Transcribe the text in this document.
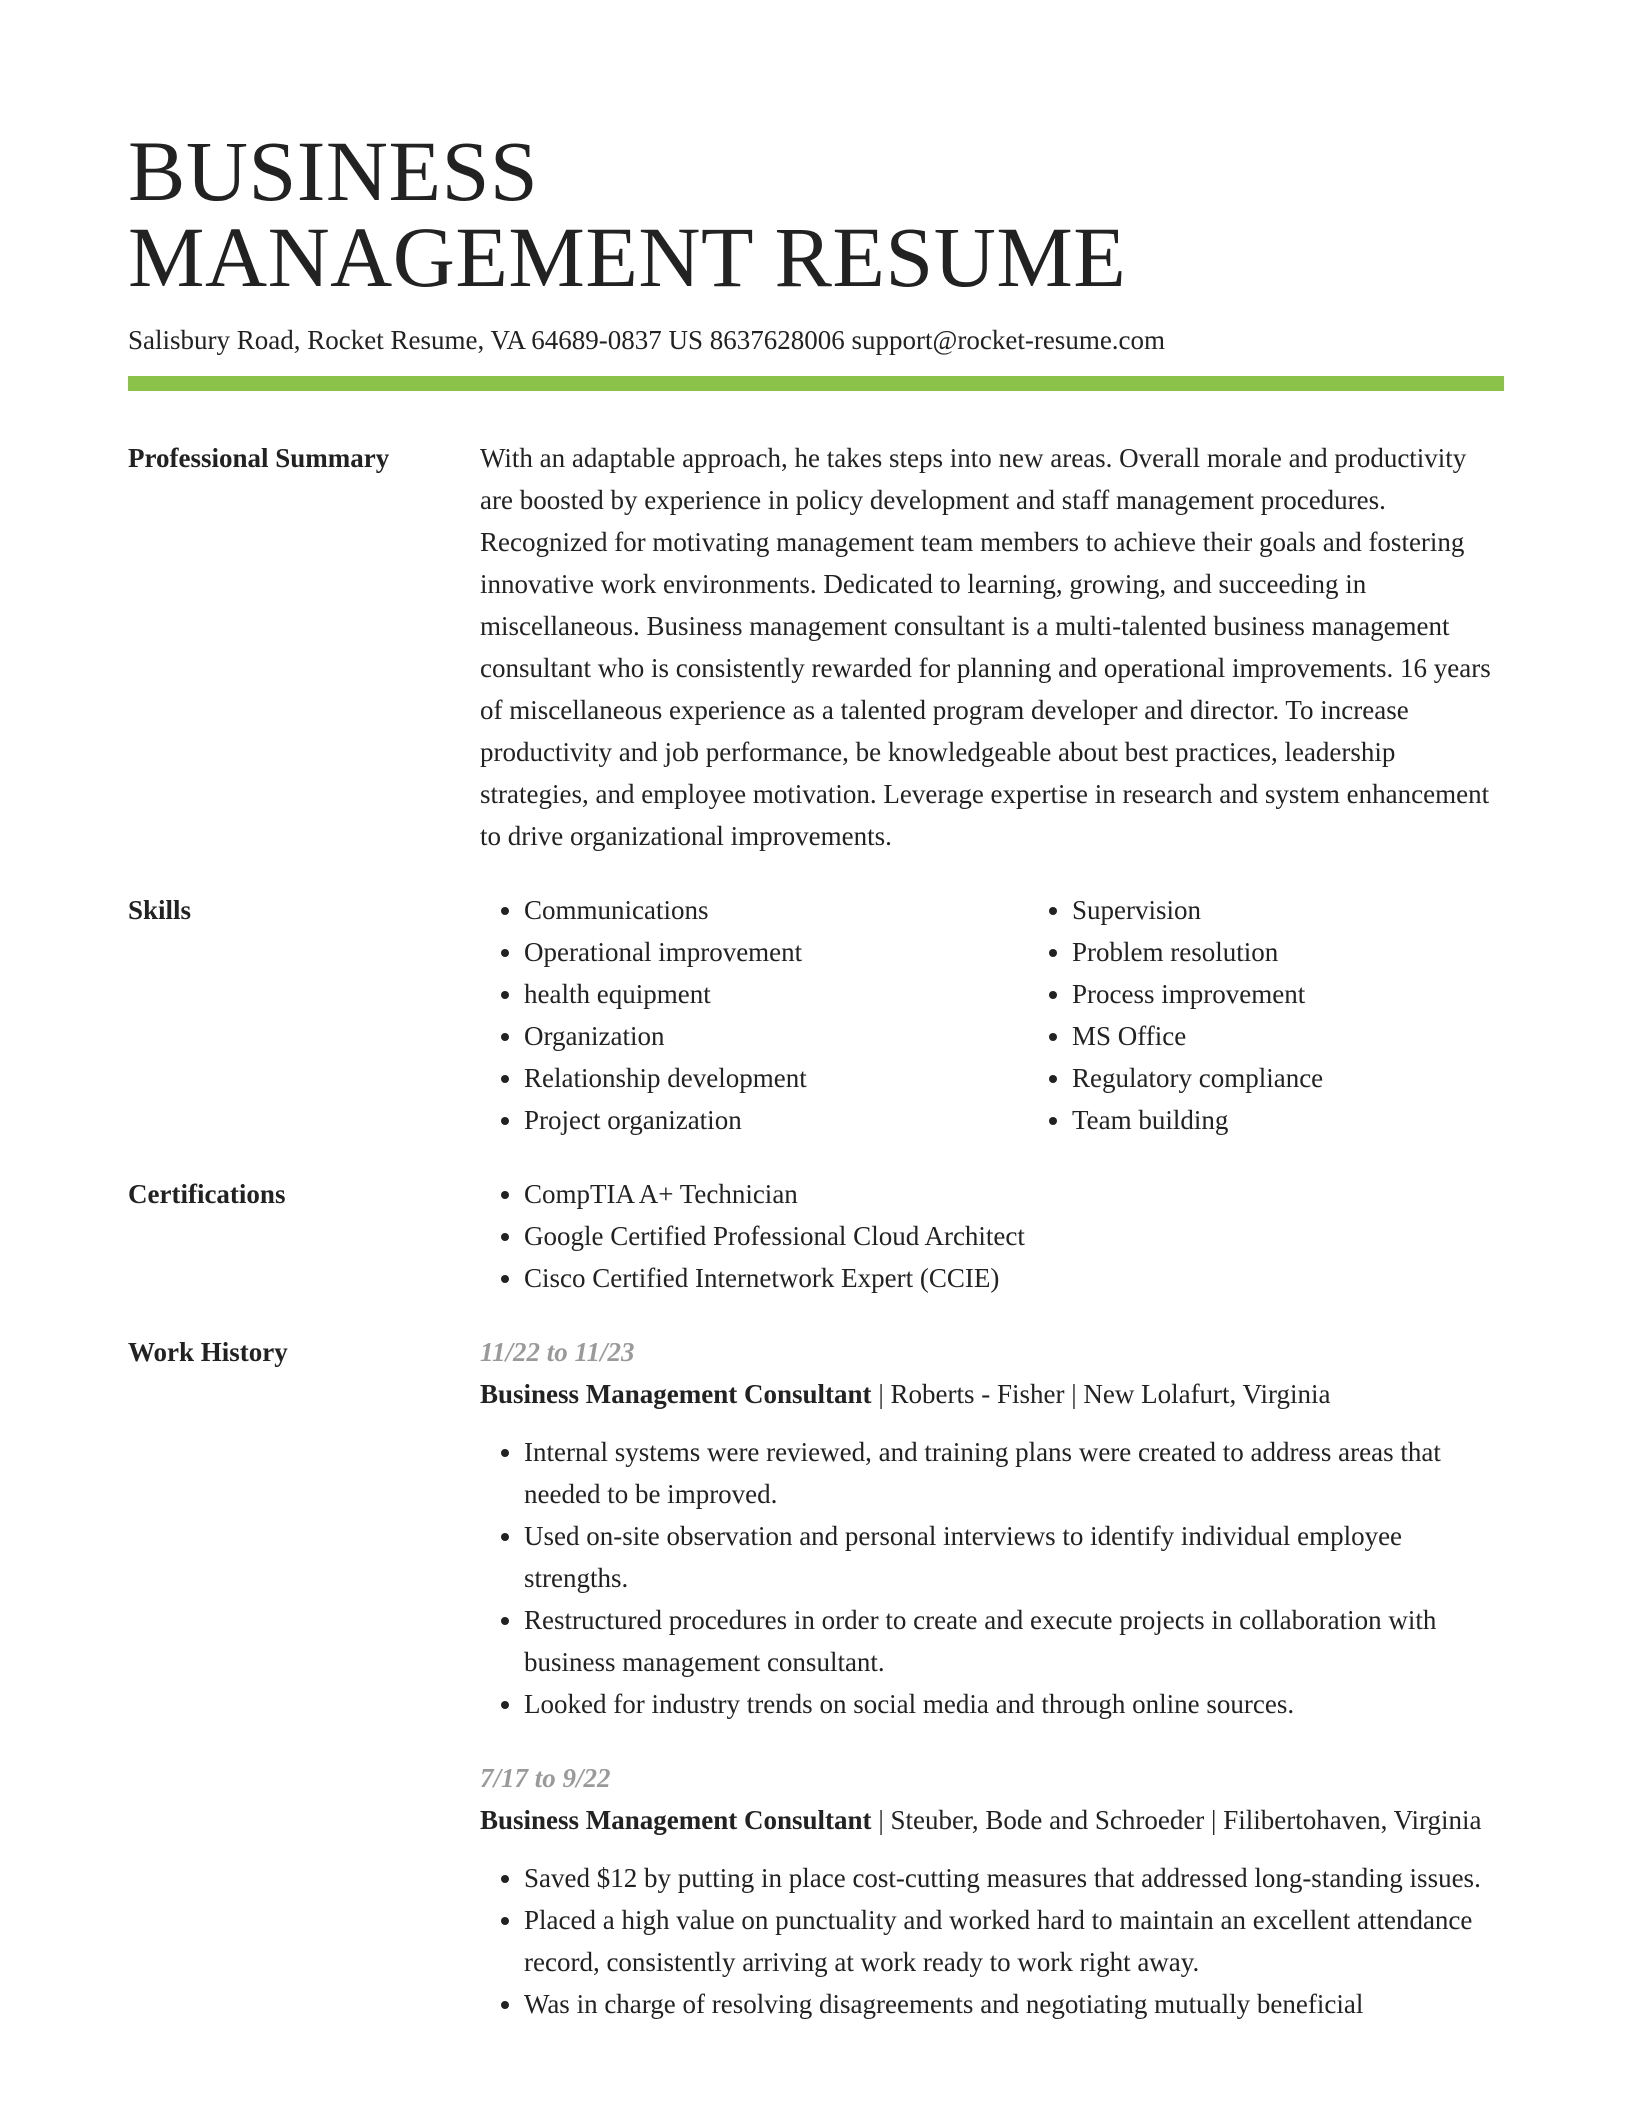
BUSINESS
MANAGEMENT RESUME
Salisbury Road, Rocket Resume, VA 64689-0837 US 8637628006 support@rocket-resume.com
Professional Summary	With an adaptable approach, he takes steps into new areas. Overall morale and productivity are boosted by experience in policy development and staff management procedures. Recognized for motivating management team members to achieve their goals and fostering innovative work environments. Dedicated to learning, growing, and succeeding in miscellaneous. Business management consultant is a multi-talented business management consultant who is consistently rewarded for planning and operational improvements. 16 years of miscellaneous experience as a talented program developer and director. To increase productivity and job performance, be knowledgeable about best practices, leadership strategies, and employee motivation. Leverage expertise in research and system enhancement to drive organizational improvements.
Skills	• Communications
• Operational improvement
• health equipment
• Organization
• Relationship development
• Project organization
• Supervision
• Problem resolution
• Process improvement
• MS Office
• Regulatory compliance
• Team building
Certifications	• CompTIA A+ Technician
• Google Certified Professional Cloud Architect
• Cisco Certified Internetwork Expert (CCIE)
Work History	11/22 to 11/23
Business Management Consultant | Roberts - Fisher | New Lolafurt, Virginia
• Internal systems were reviewed, and training plans were created to address areas that needed to be improved.
• Used on-site observation and personal interviews to identify individual employee strengths.
• Restructured procedures in order to create and execute projects in collaboration with business management consultant.
• Looked for industry trends on social media and through online sources.
7/17 to 9/22
Business Management Consultant | Steuber, Bode and Schroeder | Filibertohaven, Virginia
• Saved $12 by putting in place cost-cutting measures that addressed long-standing issues.
• Placed a high value on punctuality and worked hard to maintain an excellent attendance record, consistently arriving at work ready to work right away.
• Was in charge of resolving disagreements and negotiating mutually beneficial
